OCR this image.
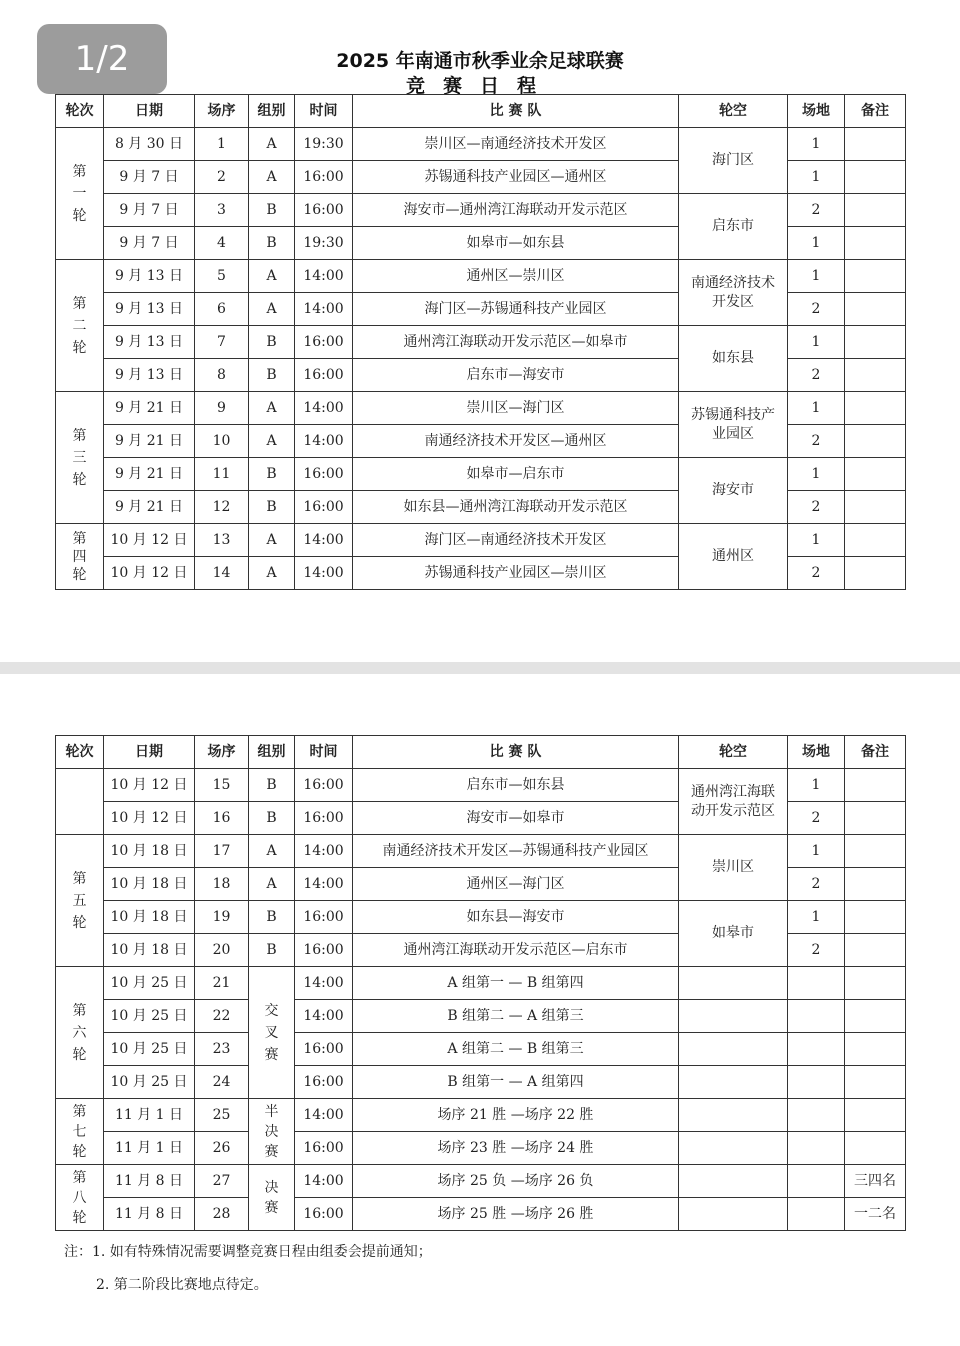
1/2	2025 年南通市秋季业余足球联赛
竞赛日程
轮次	日期	场序	组别	时间	比 赛 队	轮空	场地	备注

第一轮	8 月 30 日	1	A	19:30	崇川区—南通经济技术开发区	海门区	1	
	9 月 7 日	2	A	16:00	苏锡通科技产业园区—通州区		1	
	9 月 7 日	3	B	16:00	海安市—通州湾江海联动开发示范区	启东市	2	
	9 月 7 日	4	B	19:30	如皋市—如东县		1	

第二轮	9 月 13 日	5	A	14:00	通州区—崇川区	南通经济技术开发区	1	
	9 月 13 日	6	A	14:00	海门区—苏锡通科技产业园区		2	
	9 月 13 日	7	B	16:00	通州湾江海联动开发示范区—如皋市	如东县	1	
	9 月 13 日	8	B	16:00	启东市—海安市		2	

第三轮	9 月 21 日	9	A	14:00	崇川区—海门区	苏锡通科技产业园区	1	
	9 月 21 日	10	A	14:00	南通经济技术开发区—通州区		2	
	9 月 21 日	11	B	16:00	如皋市—启东市	海安市	1	
	9 月 21 日	12	B	16:00	如东县—通州湾江海联动开发示范区		2	

第四轮	10 月 12 日	13	A	14:00	海门区—南通经济技术开发区	通州区	1	
	10 月 12 日	14	A	14:00	苏锡通科技产业园区—崇川区		2	
轮次	日期	场序	组别	时间	比 赛 队	轮空	场地	备注
	10 月 12 日	15	B	16:00	启东市—如东县	通州湾江海联动开发示范区	1	
	10 月 12 日	16	B	16:00	海安市—如皋市		2	

第五轮	10 月 18 日	17	A	14:00	南通经济技术开发区—苏锡通科技产业园区	崇川区	1	
	10 月 18 日	18	A	14:00	通州区—海门区		2	
	10 月 18 日	19	B	16:00	如东县—海安市	如皋市	1	
	10 月 18 日	20	B	16:00	通州湾江海联动开发示范区—启东市		2	

第六轮	10 月 25 日	21	交叉赛	14:00	A 组第一 — B 组第四			
	10 月 25 日	22		14:00	B 组第二 — A 组第三			
	10 月 25 日	23		16:00	A 组第二 — B 组第三			
	10 月 25 日	24		16:00	B 组第一 — A 组第四			

第七轮	11 月 1 日	25	半决赛	14:00	场序 21 胜 —场序 22 胜			
	11 月 1 日	26		16:00	场序 23 胜 —场序 24 胜			

第八轮	11 月 8 日	27	决赛	14:00	场序 25 负 —场序 26 负			三四名
	11 月 8 日	28		16:00	场序 25 胜 —场序 26 胜			一二名
注：1. 如有特殊情况需要调整竞赛日程由组委会提前通知；
2. 第二阶段比赛地点待定。
